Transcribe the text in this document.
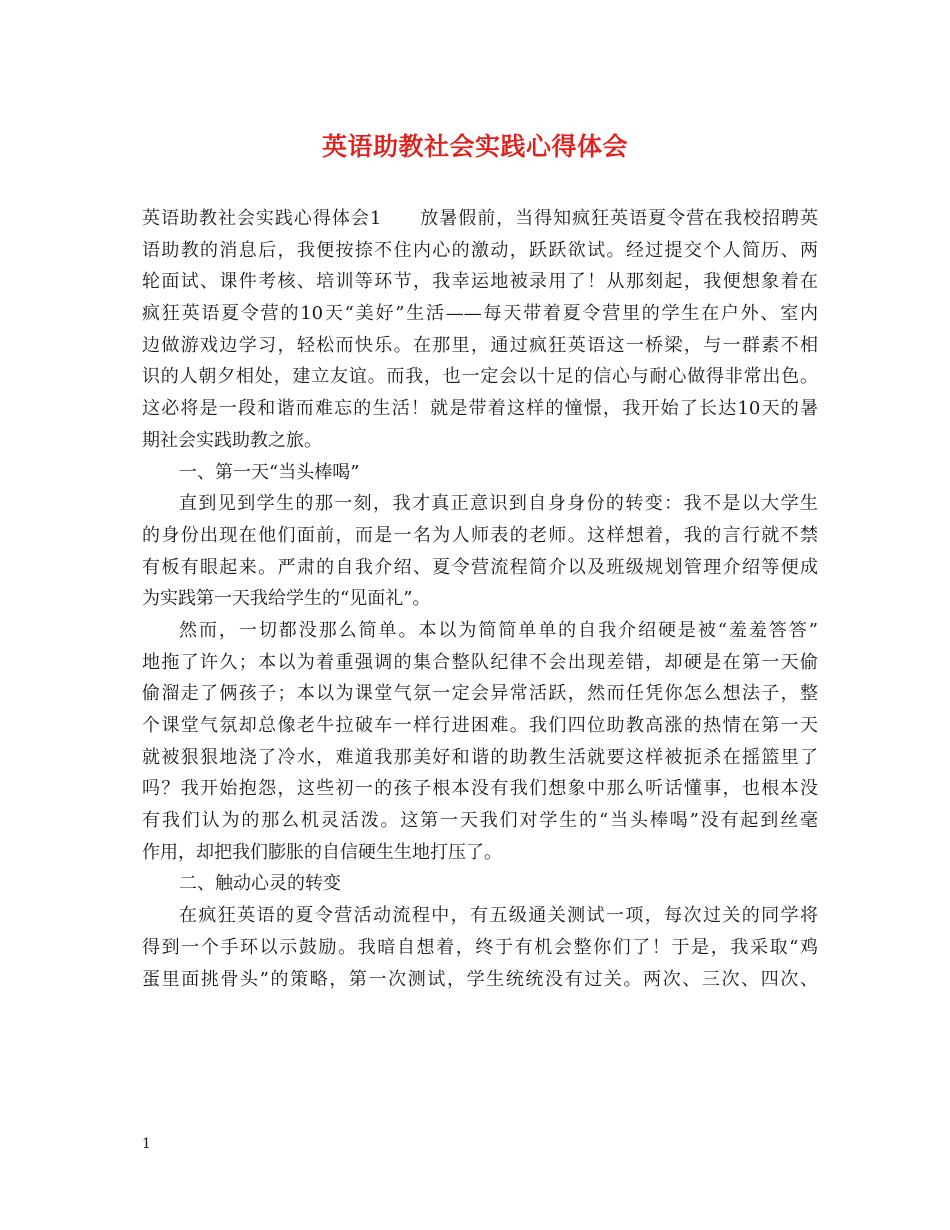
英语助教社会实践心得体会
英语助教社会实践心得体会1　　放暑假前，当得知疯狂英语夏令营在我校招聘英
语助教的消息后，我便按捺不住内心的激动，跃跃欲试。经过提交个人简历、两
轮面试、课件考核、培训等环节，我幸运地被录用了！从那刻起，我便想象着在
疯狂英语夏令营的10天“美好”生活——每天带着夏令营里的学生在户外、室内
边做游戏边学习，轻松而快乐。在那里，通过疯狂英语这一桥梁，与一群素不相
识的人朝夕相处，建立友谊。而我，也一定会以十足的信心与耐心做得非常出色。
这必将是一段和谐而难忘的生活！就是带着这样的憧憬，我开始了长达10天的暑
期社会实践助教之旅。
一、第一天“当头棒喝”
直到见到学生的那一刻，我才真正意识到自身身份的转变：我不是以大学生
的身份出现在他们面前，而是一名为人师表的老师。这样想着，我的言行就不禁
有板有眼起来。严肃的自我介绍、夏令营流程简介以及班级规划管理介绍等便成
为实践第一天我给学生的“见面礼”。
然而，一切都没那么简单。本以为简简单单的自我介绍硬是被“羞羞答答”
地拖了许久；本以为着重强调的集合整队纪律不会出现差错，却硬是在第一天偷
偷溜走了俩孩子；本以为课堂气氛一定会异常活跃，然而任凭你怎么想法子，整
个课堂气氛却总像老牛拉破车一样行进困难。我们四位助教高涨的热情在第一天
就被狠狠地浇了冷水，难道我那美好和谐的助教生活就要这样被扼杀在摇篮里了
吗？我开始抱怨，这些初一的孩子根本没有我们想象中那么听话懂事，也根本没
有我们认为的那么机灵活泼。这第一天我们对学生的“当头棒喝”没有起到丝毫
作用，却把我们膨胀的自信硬生生地打压了。
二、触动心灵的转变
在疯狂英语的夏令营活动流程中，有五级通关测试一项，每次过关的同学将
得到一个手环以示鼓励。我暗自想着，终于有机会整你们了！于是，我采取“鸡
蛋里面挑骨头”的策略，第一次测试，学生统统没有过关。两次、三次、四次、
1
